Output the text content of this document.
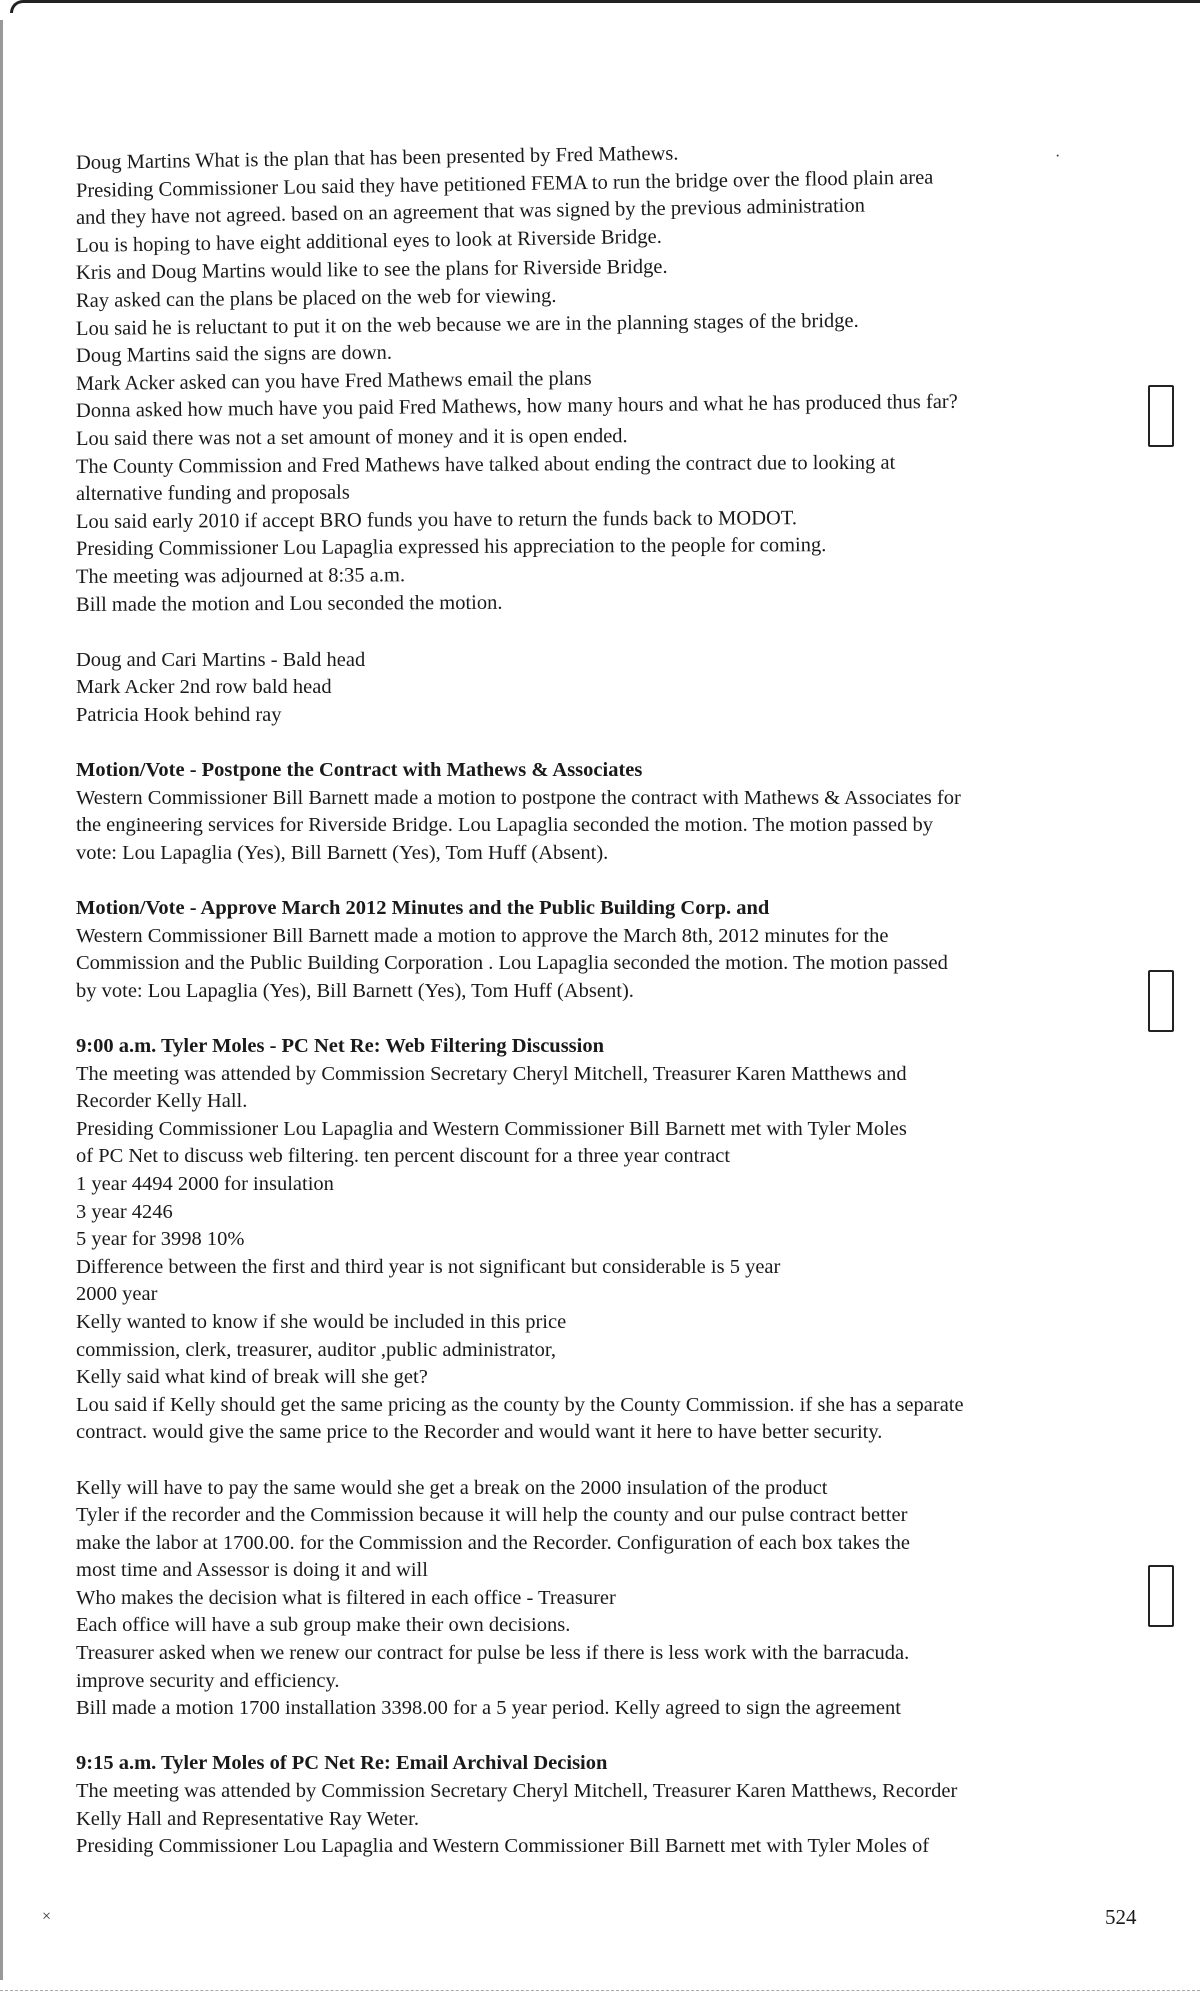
Doug Martins What is the plan that has been presented by Fred Mathews.
Presiding Commissioner Lou said they have petitioned FEMA to run the bridge over the flood plain area
and they have not agreed. based on an agreement that was signed by the previous administration
Lou is hoping to have eight additional eyes to look at Riverside Bridge.
Kris and Doug Martins would like to see the plans for Riverside Bridge.
Ray asked can the plans be placed on the web for viewing.
Lou said he is reluctant to put it on the web because we are in the planning stages of the bridge.
Doug Martins said the signs are down.
Mark Acker asked can you have Fred Mathews email the plans
Donna asked how much have you paid Fred Mathews, how many hours and what he has produced thus far?
Lou said there was not a set amount of money and it is open ended.
The County Commission and Fred Mathews have talked about ending the contract due to looking at
alternative funding and proposals
Lou said early 2010 if accept BRO funds you have to return the funds back to MODOT.
Presiding Commissioner Lou Lapaglia expressed his appreciation to the people for coming.
The meeting was adjourned at 8:35 a.m.
Bill made the motion and Lou seconded the motion.
Doug and Cari Martins - Bald head
Mark Acker 2nd row bald head
Patricia Hook behind ray
Motion/Vote - Postpone the Contract with Mathews & Associates
Western Commissioner Bill Barnett made a motion to postpone the contract with Mathews & Associates for
the engineering services for Riverside Bridge. Lou Lapaglia seconded the motion. The motion passed by
vote: Lou Lapaglia (Yes), Bill Barnett (Yes), Tom Huff (Absent).
Motion/Vote - Approve March 2012 Minutes and the Public Building Corp. and
Western Commissioner Bill Barnett made a motion to approve the March 8th, 2012 minutes for the
Commission and the Public Building Corporation . Lou Lapaglia seconded the motion. The motion passed
by vote: Lou Lapaglia (Yes), Bill Barnett (Yes), Tom Huff (Absent).
9:00 a.m. Tyler Moles - PC Net Re: Web Filtering Discussion
The meeting was attended by Commission Secretary Cheryl Mitchell, Treasurer Karen Matthews and
Recorder Kelly Hall.
Presiding Commissioner Lou Lapaglia and Western Commissioner Bill Barnett met with Tyler Moles
of PC Net to discuss web filtering. ten percent discount for a three year contract
1 year 4494 2000 for insulation
3 year 4246
5 year for 3998 10%
Difference between the first and third year is not significant but considerable is 5 year
2000 year
Kelly wanted to know if she would be included in this price
commission, clerk, treasurer, auditor ,public administrator,
Kelly said what kind of break will she get?
Lou said if Kelly should get the same pricing as the county by the County Commission. if she has a separate
contract. would give the same price to the Recorder and would want it here to have better security.
Kelly will have to pay the same would she get a break on the 2000 insulation of the product
Tyler if the recorder and the Commission because it will help the county and our pulse contract better
make the labor at 1700.00. for the Commission and the Recorder. Configuration of each box takes the
most time and Assessor is doing it and will
Who makes the decision what is filtered in each office - Treasurer
Each office will have a sub group make their own decisions.
Treasurer asked when we renew our contract for pulse be less if there is less work with the barracuda.
improve security and efficiency.
Bill made a motion 1700 installation 3398.00 for a 5 year period. Kelly agreed to sign the agreement
9:15 a.m. Tyler Moles of PC Net Re: Email Archival Decision
The meeting was attended by Commission Secretary Cheryl Mitchell, Treasurer Karen Matthews, Recorder
Kelly Hall and Representative Ray Weter.
Presiding Commissioner Lou Lapaglia and Western Commissioner Bill Barnett met with Tyler Moles of
·
×	524
